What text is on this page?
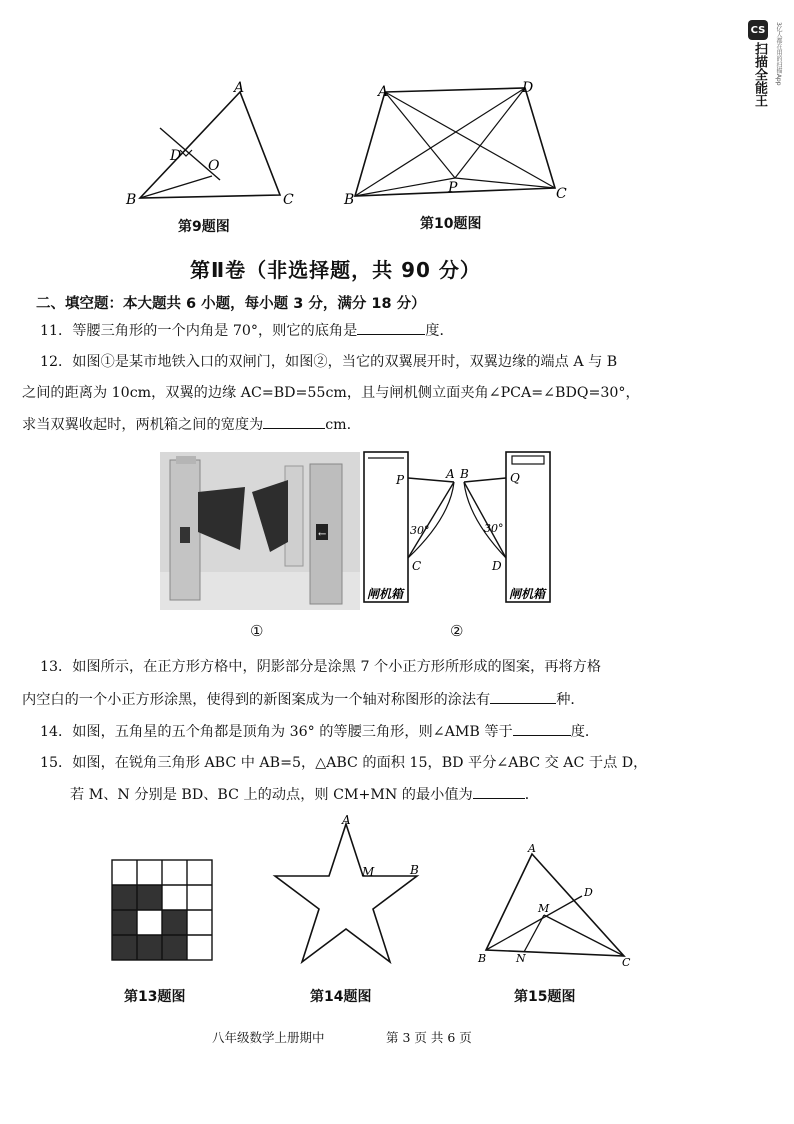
CS
扫描全能王	3亿人都在用的扫描App
A
B	C
D
O
第9题图
A	D
B	C
P
第10题图
第Ⅱ卷（非选择题，共 90 分）
二、填空题：本大题共 6 小题，每小题 3 分，满分 18 分）
11．等腰三角形的一个内角是 70°，则它的底角是	度．
12．如图①是某市地铁入口的双闸门，如图②，当它的双翼展开时，双翼边缘的端点 A 与 B
之间的距离为 10cm，双翼的边缘 AC=BD=55cm，且与闸机侧立面夹角∠PCA=∠BDQ=30°，
求当双翼收起时，两机箱之间的宽度为	cm.
←
①
P	A
C
30°
B	Q
D
30°
闸机箱	闸机箱
②
13．如图所示，在正方形方格中，阴影部分是涂黑 7 个小正方形所形成的图案，再将方格
内空白的一个小正方形涂黑，使得到的新图案成为一个轴对称图形的涂法有	种．
14．如图，五角星的五个角都是顶角为 36° 的等腰三角形，则∠AMB 等于	度．
15．如图，在锐角三角形 ABC 中 AB=5，△ABC 的面积 15，BD 平分∠ABC 交 AC 于点 D，
若 M、N 分别是 BD、BC 上的动点，则 CM+MN 的最小值为	．
第13题图
A
M	B
第14题图
A
B	C
D
M
N
第15题图
八年级数学上册期中	第 3 页 共 6 页
